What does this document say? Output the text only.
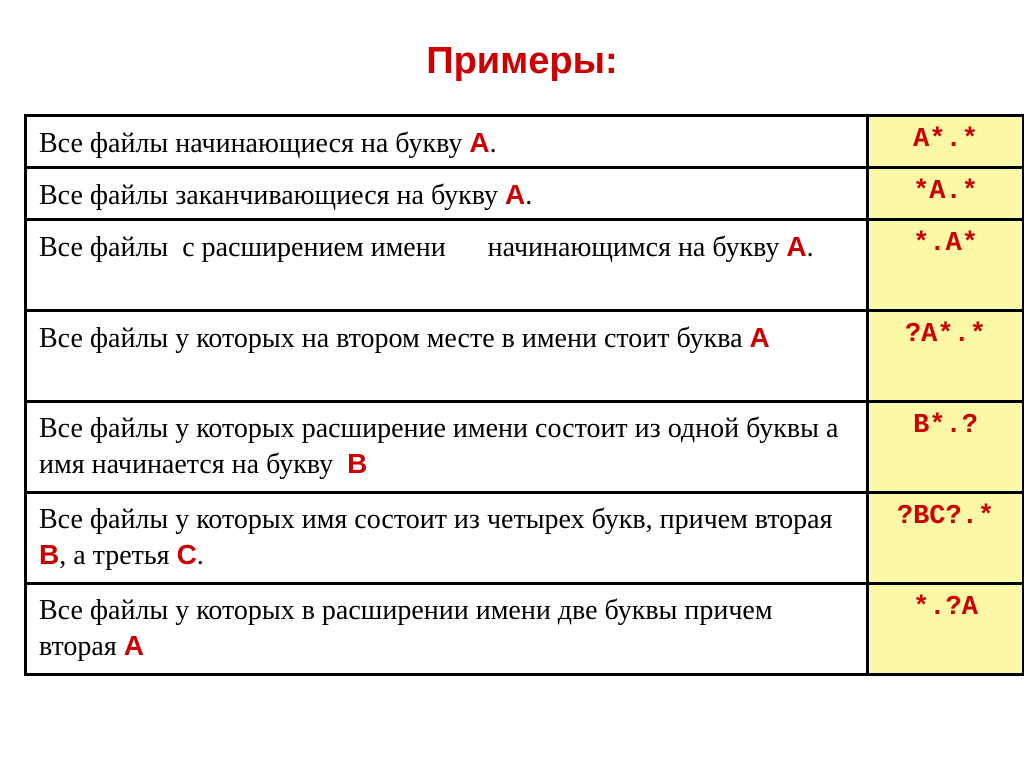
Примеры:
Все файлы начинающиеся на букву A.	A*.*
Все файлы заканчивающиеся на букву A.	*A.*
Все файлы  с расширением имени      начинающимся на букву A.	*.A*
Все файлы у которых на втором месте в имени стоит буква A	?A*.*
Все файлы у которых расширение имени состоит из одной буквы а имя начинается на букву  B	B*.?
Все файлы у которых имя состоит из четырех букв, причем вторая B, а третья C.	?BC?.*
Все файлы у которых в расширении имени две буквы причем вторая A	*.?A
